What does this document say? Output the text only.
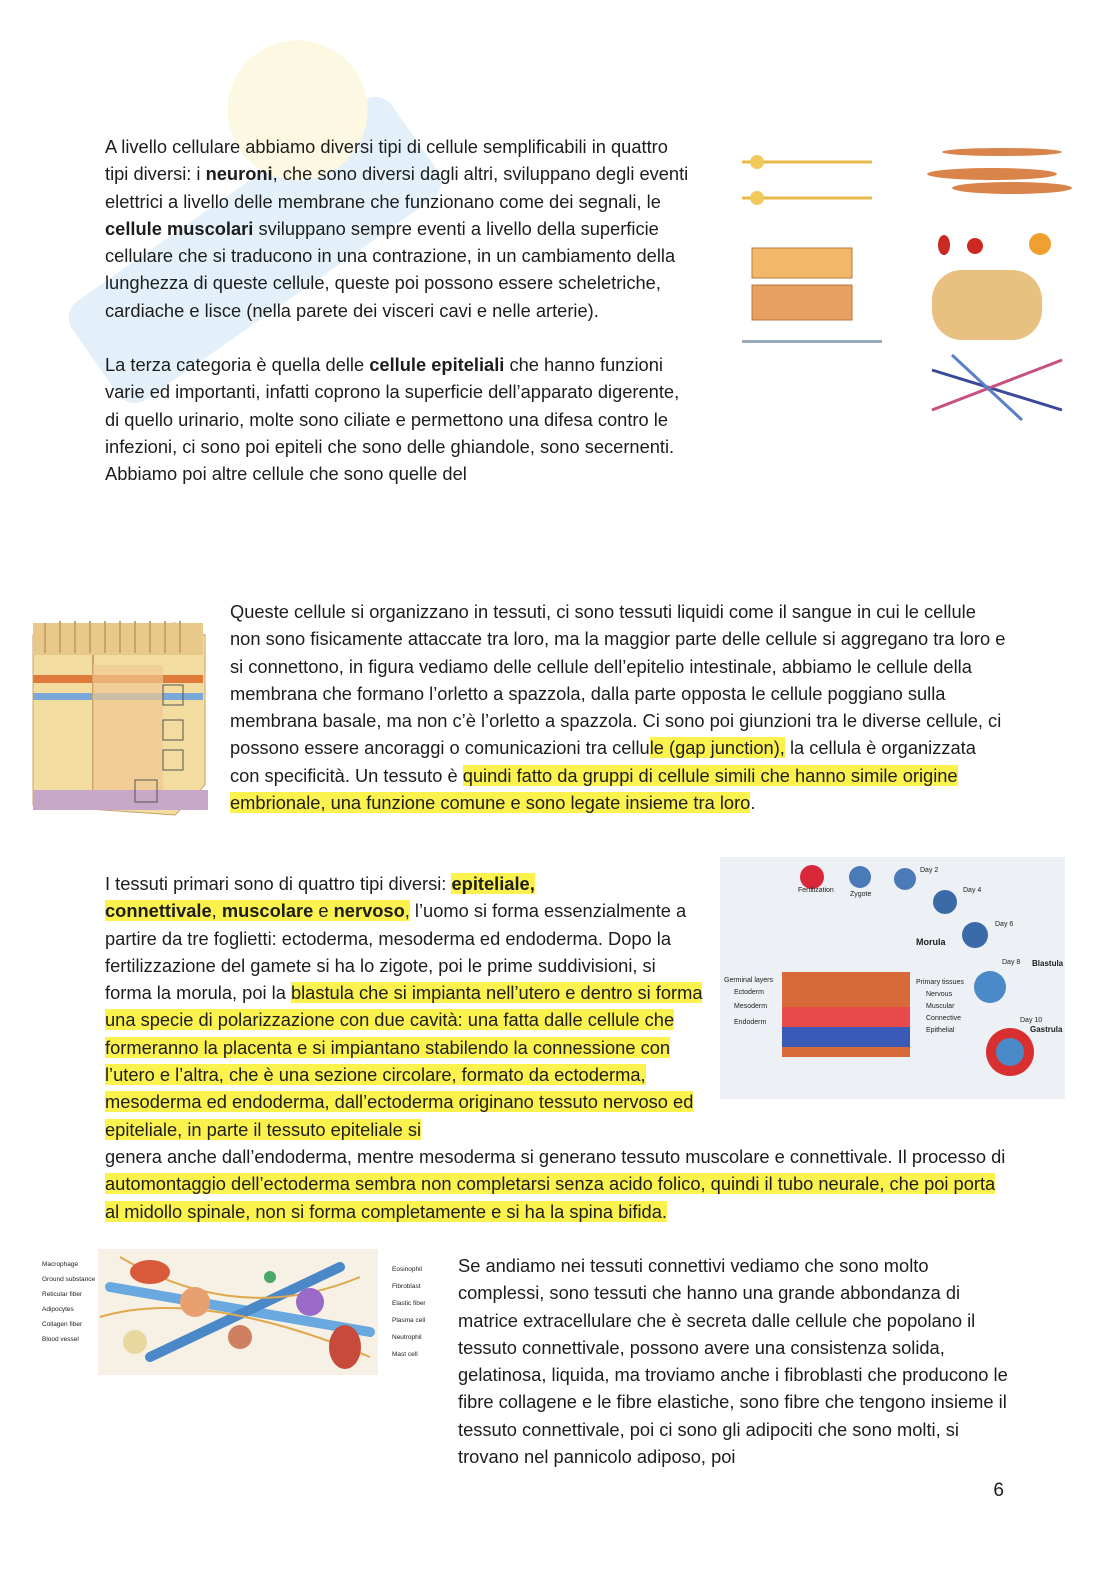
A livello cellulare abbiamo diversi tipi di cellule semplificabili in quattro tipi diversi: i neuroni, che sono diversi dagli altri, sviluppano degli eventi elettrici a livello delle membrane che funzionano come dei segnali, le cellule muscolari sviluppano sempre eventi a livello della superficie cellulare che si traducono in una contrazione, in un cambiamento della lunghezza di queste cellule, queste poi possono essere scheletriche, cardiache e lisce (nella parete dei visceri cavi e nelle arterie).

La terza categoria è quella delle cellule epiteliali che hanno funzioni varie ed importanti, infatti coprono la superficie dell’apparato digerente, di quello urinario, molte sono ciliate e permettono una difesa contro le infezioni, ci sono poi epiteli che sono delle ghiandole, sono secernenti. Abbiamo poi altre cellule che sono quelle del

Queste cellule si organizzano in tessuti, ci sono tessuti liquidi come il sangue in cui le cellule non sono fisicamente attaccate tra loro, ma la maggior parte delle cellule si aggregano tra loro e si connettono, in figura vediamo delle cellule dell’epitelio intestinale, abbiamo le cellule della membrana che formano l’orletto a spazzola, dalla parte opposta le cellule poggiano sulla membrana basale, ma non c’è l’orletto a spazzola. Ci sono poi giunzioni tra le diverse cellule, ci possono essere ancoraggi o comunicazioni tra cellule (gap junction), la cellula è organizzata con specificità. Un tessuto è quindi fatto da gruppi di cellule simili che hanno simile origine embrionale, una funzione comune e sono legate insieme tra loro.

I tessuti primari sono di quattro tipi diversi: epiteliale,
connettivale, muscolare e nervoso, l’uomo si forma essenzialmente a partire da tre foglietti: ectoderma, mesoderma ed endoderma. Dopo la fertilizzazione del gamete si ha lo zigote, poi le prime suddivisioni, si forma la morula, poi la blastula che si impianta nell’utero e dentro si forma una specie di polarizzazione con due cavità: una fatta dalle cellule che formeranno la placenta e si impiantano stabilendo la connessione con l’utero e l’altra, che è una sezione circolare, formato da ectoderma, mesoderma ed endoderma, dall’ectoderma originano tessuto nervoso ed epiteliale, in parte il tessuto epiteliale si

genera anche dall’endoderma, mentre mesoderma si generano tessuto muscolare e connettivale. Il processo di automontaggio dell’ectoderma sembra non completarsi senza acido folico, quindi il tubo neurale, che poi porta al midollo spinale, non si forma completamente e si ha la spina bifida.

Fertilization
Zygote
Day 2
Day 4
Morula
Day 6
Day 8 Blastula
Germinal layers
Ectoderm
Mesoderm
Endoderm
Primary tissues
Nervous
Muscular
Connective
Epithelial
Day 10
Gastrula

Se andiamo nei tessuti connettivi vediamo che sono molto complessi, sono tessuti che hanno una grande abbondanza di matrice extracellulare che è secreta dalle cellule che popolano il tessuto connettivale, possono avere una consistenza solida, gelatinosa, liquida, ma troviamo anche i fibroblasti che producono le fibre collagene e le fibre elastiche, sono fibre che tengono insieme il tessuto connettivale, poi ci sono gli adipociti che sono molti, si trovano nel pannicolo adiposo, poi

Macrophage
Ground substance
Reticular fiber
Adipocytes
Collagen fiber
Blood vessel
Eosinophil
Fibroblast
Elastic fiber
Plasma cell
Neutrophil
Mast cell
6
